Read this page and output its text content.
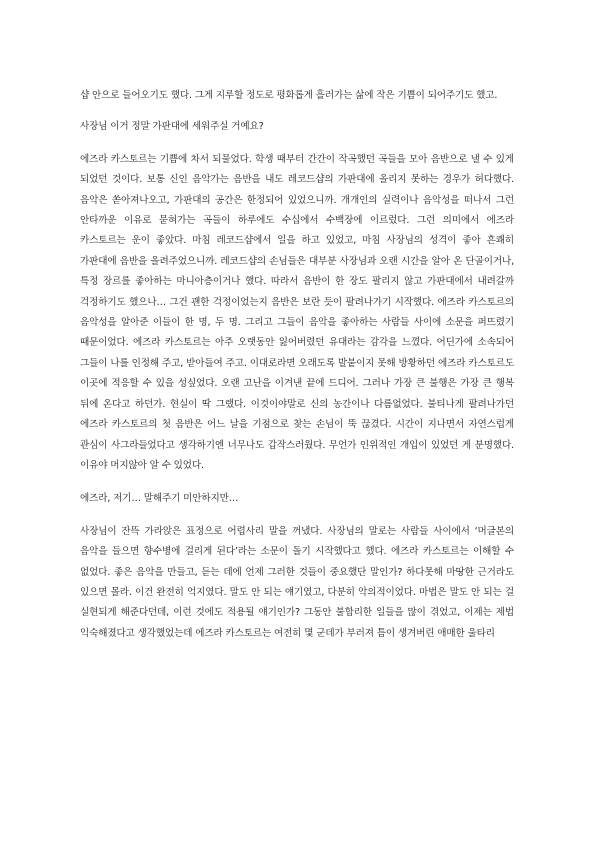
샵 안으로 들어오기도 했다. 그게 지루할 정도로 평화롭게 흘러가는 삶에 작은 기쁨이 되어주기도 했고.

사장님 이거 정말 가판대에 세워주실 거예요?

에즈라 카스토르는 기쁨에 차서 되물었다. 학생 때부터 간간이 작곡했던 곡들을 모아 음반으로 낼 수 있게 되었던 것이다. 보통 신인 음악가는 음반을 내도 레코드샵의 가판대에 올리지 못하는 경우가 허다했다. 음악은 쏟아져나오고, 가판대의 공간은 한정되어 있었으니까. 개개인의 실력이나 음악성을 떠나서 그런 안타까운 이유로 묻혀가는 곡들이 하루에도 수십에서 수백장에 이르렀다. 그런 의미에서 에즈라 카스토르는 운이 좋았다. 마침 레코드샵에서 일을 하고 있었고, 마침 사장님의 성격이 좋아 흔쾌히 가판대에 음반을 올려주었으니까. 레코드샵의 손님들은 대부분 사장님과 오랜 시간을 알아 온 단골이거나, 특정 장르를 좋아하는 마니아층이거나 했다. 따라서 음반이 한 장도 팔리지 않고 가판대에서 내려갈까 걱정하기도 했으나… 그건 괜한 걱정이었는지 음반은 보란 듯이 팔려나가기 시작했다. 에즈라 카스토르의 음악성을 알아준 이들이 한 명, 두 명. 그리고 그들이 음악을 좋아하는 사람들 사이에 소문을 퍼뜨렸기 때문이었다. 에즈라 카스토르는 아주 오랫동안 잃어버렸던 유대라는 감각을 느꼈다. 어딘가에 소속되어 그들이 나를 인정해 주고, 받아들여 주고. 이대로라면 오래도록 발붙이지 못해 방황하던 에즈라 카스토르도 이곳에 적응할 수 있을 성싶었다. 오랜 고난을 이겨낸 끝에 드디어. 그러나 가장 큰 불행은 가장 큰 행복 뒤에 온다고 하던가. 현실이 딱 그랬다. 이것이야말로 신의 농간이나 다름없었다. 불티나게 팔려나가던 에즈라 카스토르의 첫 음반은 어느 날을 기점으로 찾는 손님이 뚝 끊겼다. 시간이 지나면서 자연스럽게 관심이 사그라들었다고 생각하기엔 너무나도 갑작스러웠다. 무언가 인위적인 개입이 있었던 게 분명했다. 이유야 머지않아 알 수 있었다.

에즈라, 저기… 말해주기 미안하지만…

사장님이 잔뜩 가라앉은 표정으로 어렵사리 말을 꺼냈다. 사장님의 말로는 사람들 사이에서 ‘머글본의 음악을 들으면 향수병에 걸리게 된다’라는 소문이 돌기 시작했다고 했다. 에즈라 카스토르는 이해할 수 없었다. 좋은 음악을 만들고, 듣는 데에 언제 그러한 것들이 중요했단 말인가? 하다못해 마땅한 근거라도 있으면 몰라. 이건 완전히 억지였다. 말도 안 되는 얘기였고, 다분히 악의적이었다. 마법은 말도 안 되는 걸 실현되게 해준다던데, 이런 것에도 적용될 얘기인가? 그동안 불합리한 일들을 많이 겪었고, 이제는 제법 익숙해졌다고 생각했었는데 에즈라 카스토르는 여전히 몇 군데가 부러져 틈이 생겨버린 애매한 울타리
